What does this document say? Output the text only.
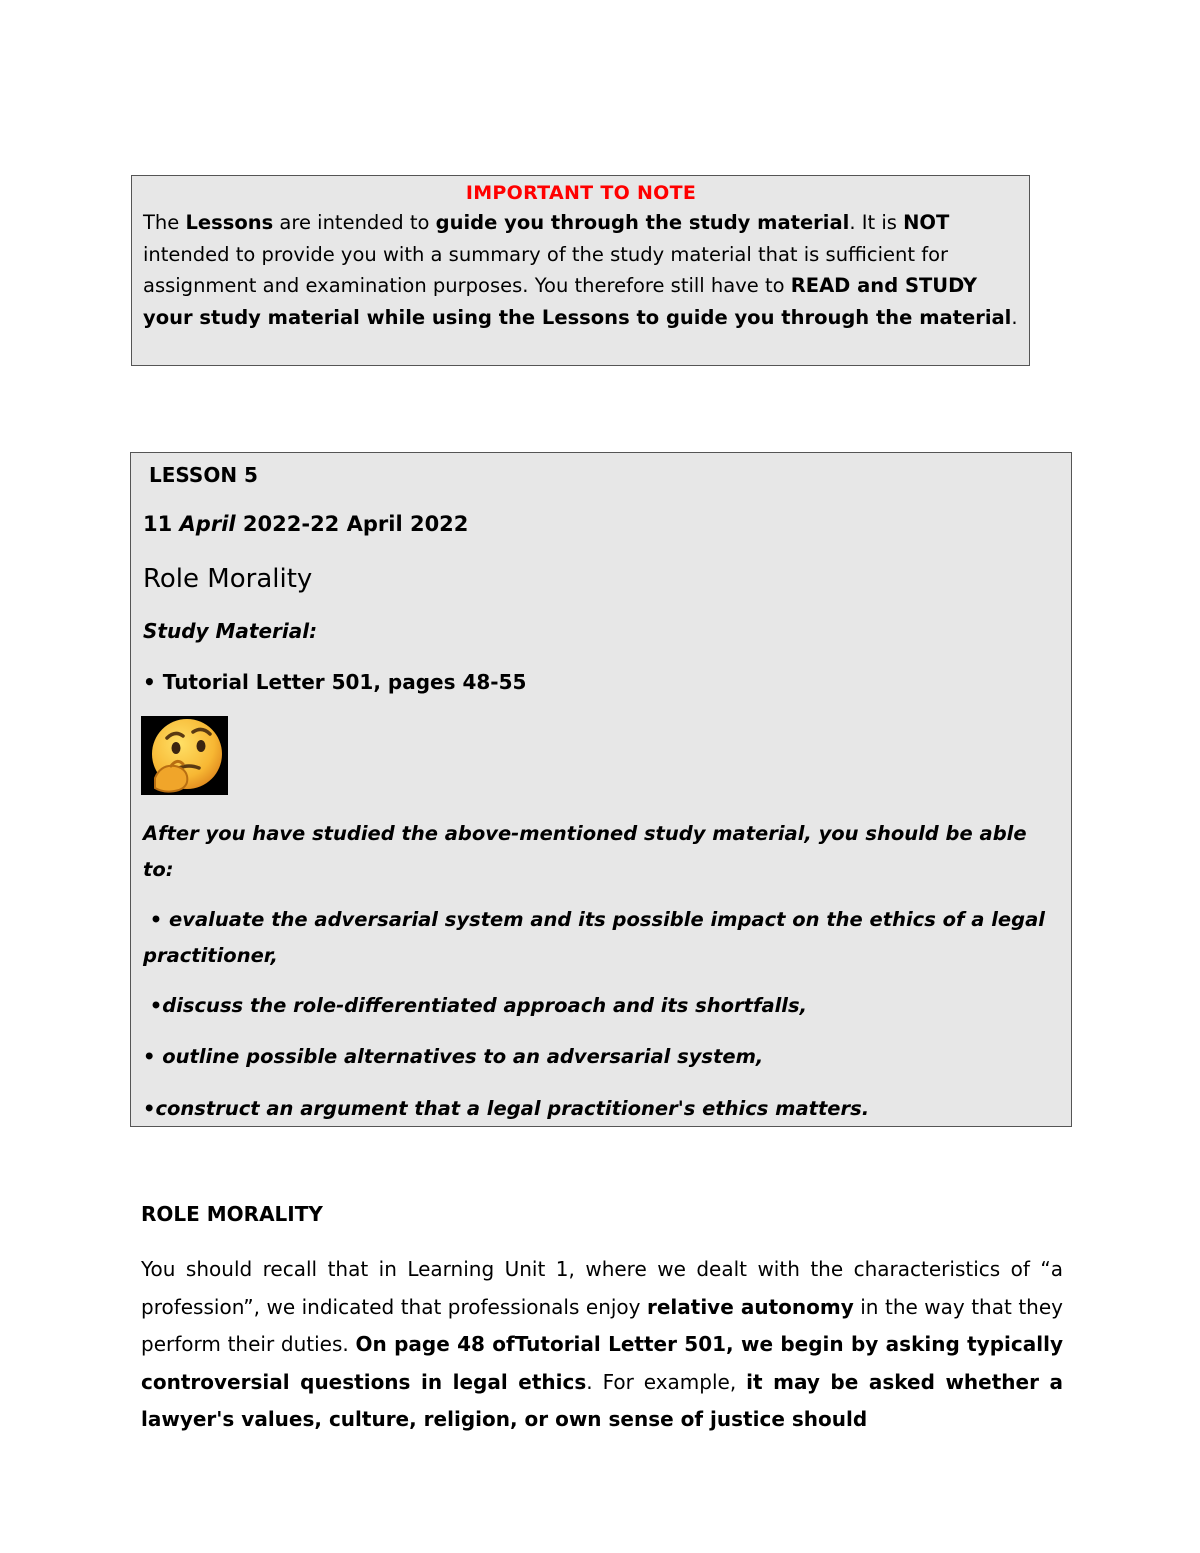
IMPORTANT TO NOTE

The Lessons are intended to guide you through the study material. It is NOT intended to provide you with a summary of the study material that is sufficient for assignment and examination purposes. You therefore still have to READ and STUDY your study material while using the Lessons to guide you through the material.

LESSON 5

11 April 2022-22 April 2022

Role Morality

Study Material:

• Tutorial Letter 501, pages 48-55

After you have studied the above-mentioned study material, you should be able to:

• evaluate the adversarial system and its possible impact on the ethics of a legal practitioner,

•discuss the role-differentiated approach and its shortfalls,

• outline possible alternatives to an adversarial system,

•construct an argument that a legal practitioner's ethics matters.

ROLE MORALITY

You should recall that in Learning Unit 1, where we dealt with the characteristics of “a profession”, we indicated that professionals enjoy relative autonomy in the way that they perform their duties. On page 48 ofTutorial Letter 501, we begin by asking typically controversial questions in legal ethics. For example, it may be asked whether a lawyer's values, culture, religion, or own sense of justice should
